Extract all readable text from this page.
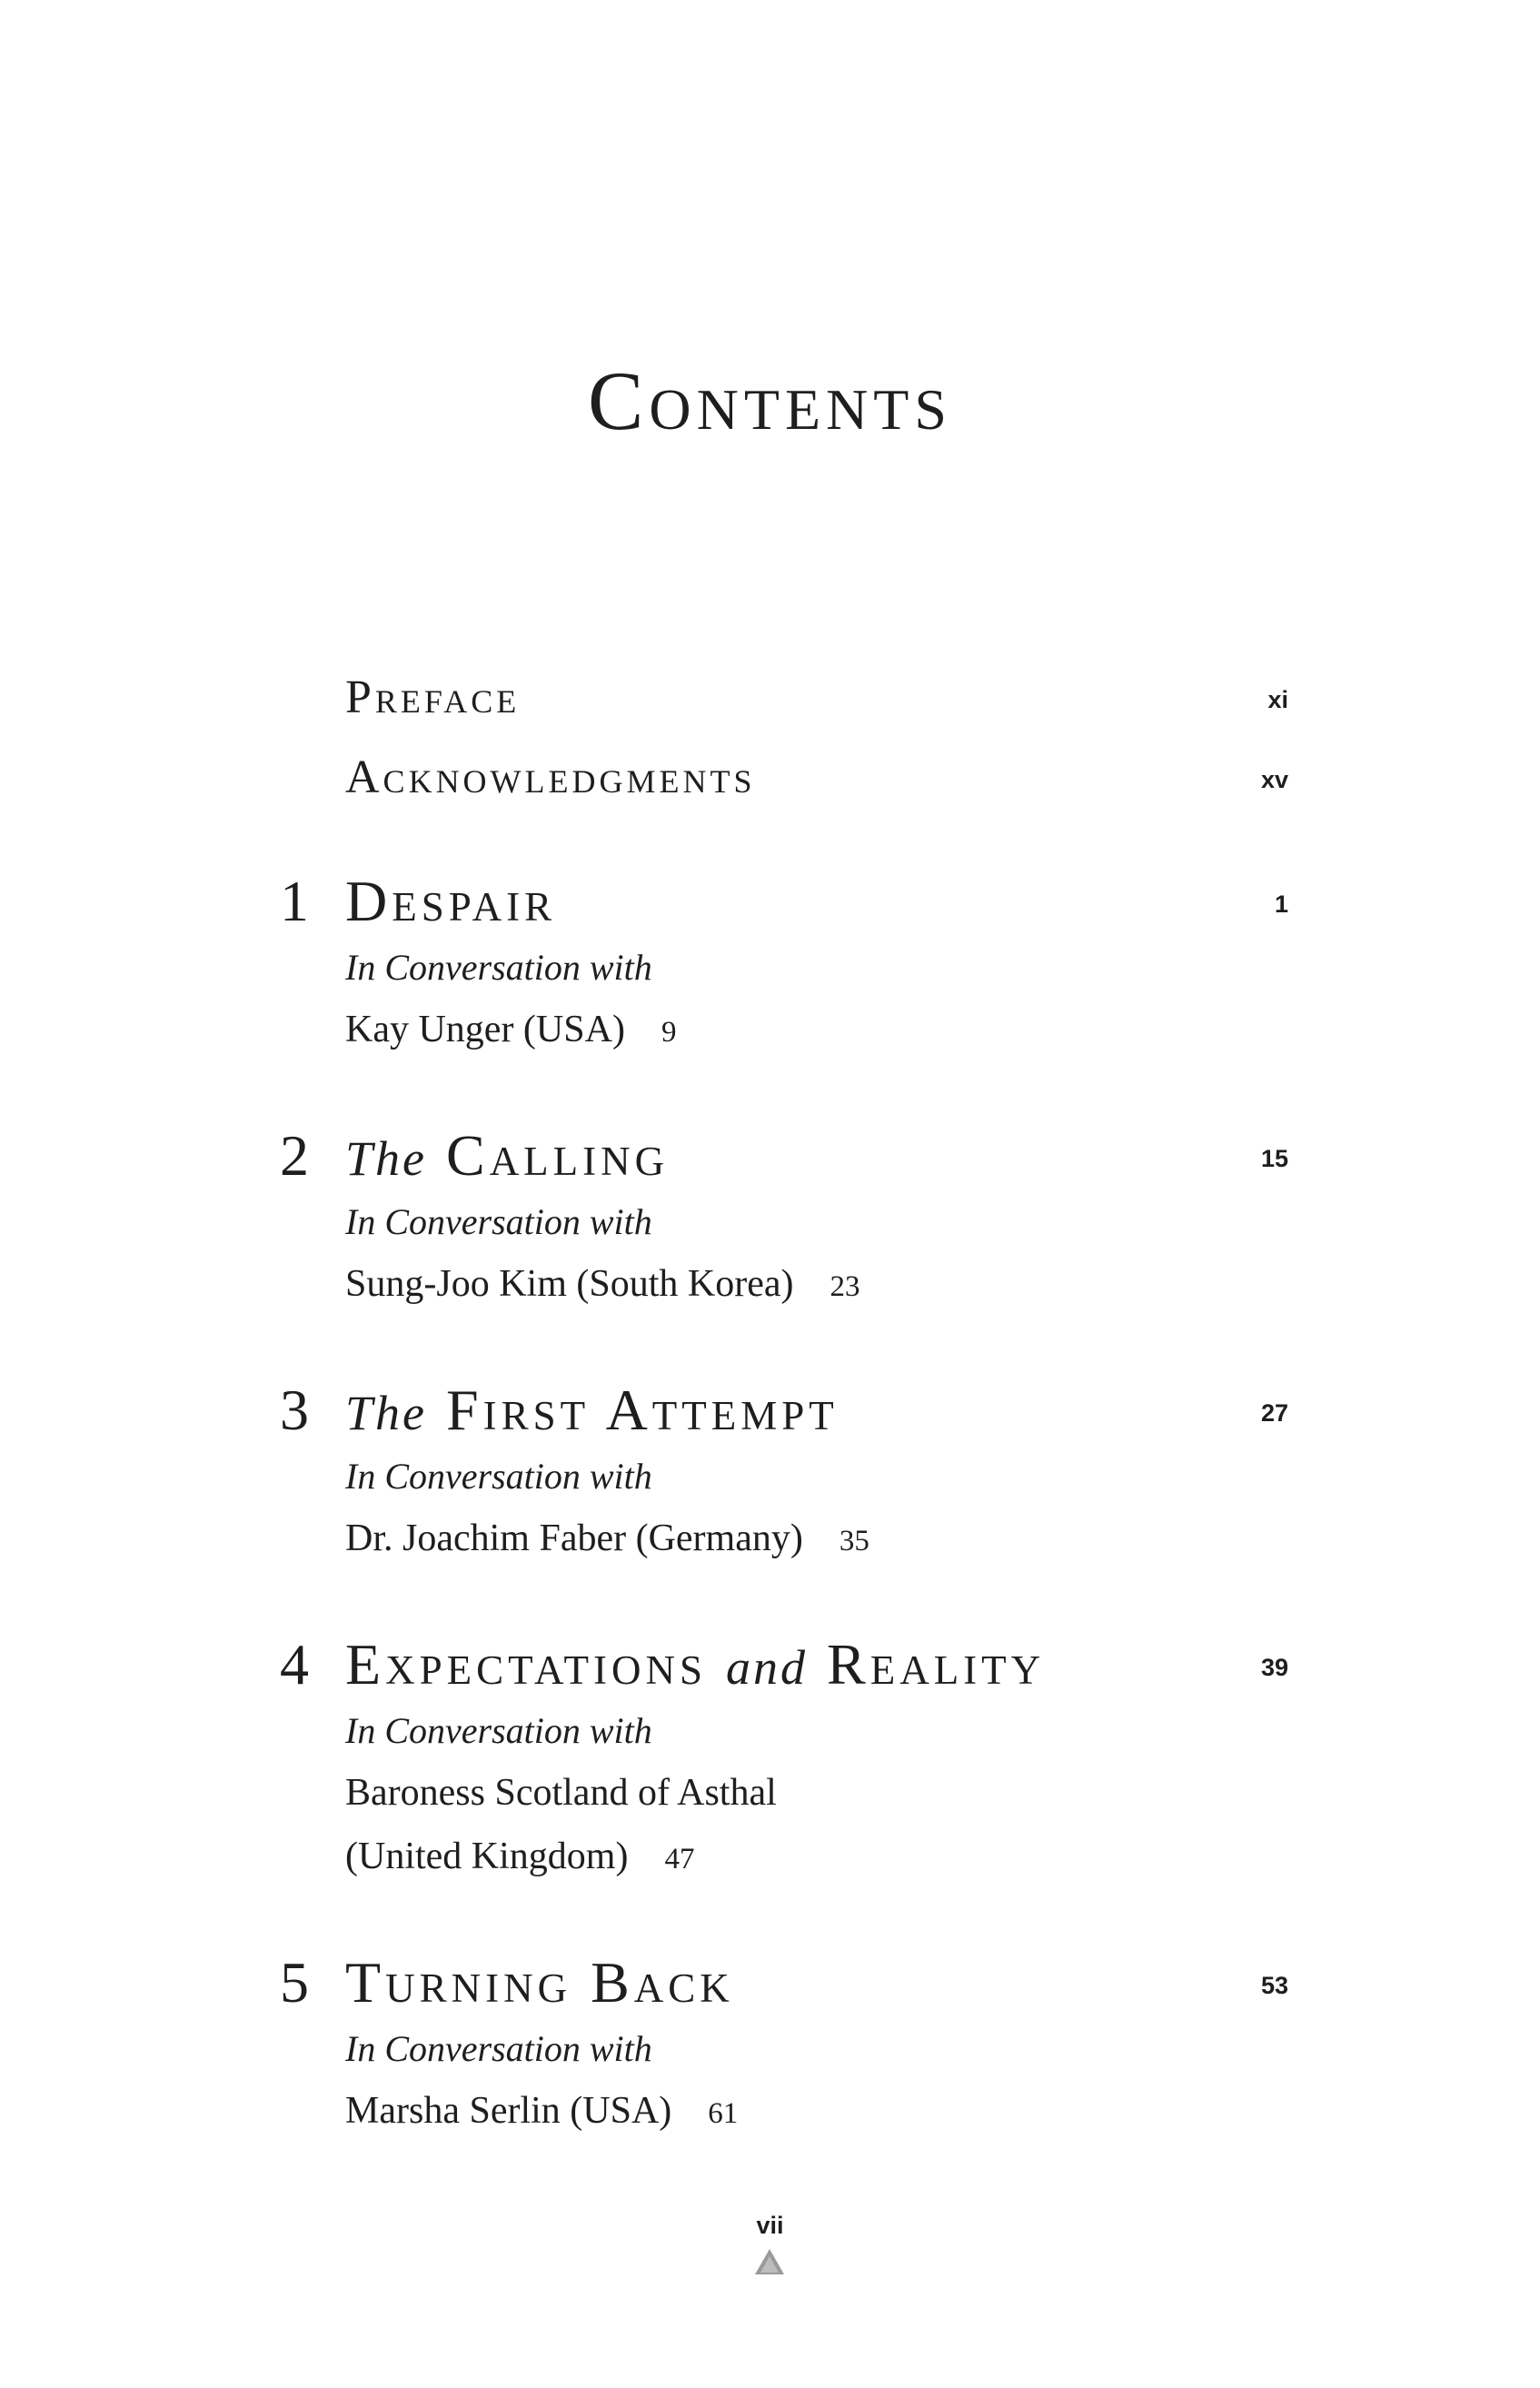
Contents
Preface	xi
Acknowledgments	xv
1 Despair	1
In Conversation with
Kay Unger (USA) 9
2 The Calling	15
In Conversation with
Sung-Joo Kim (South Korea) 23
3 The First Attempt	27
In Conversation with
Dr. Joachim Faber (Germany) 35
4 Expectations and Reality	39
In Conversation with
Baroness Scotland of Asthal
(United Kingdom) 47
5 Turning Back	53
In Conversation with
Marsha Serlin (USA) 61
vii
